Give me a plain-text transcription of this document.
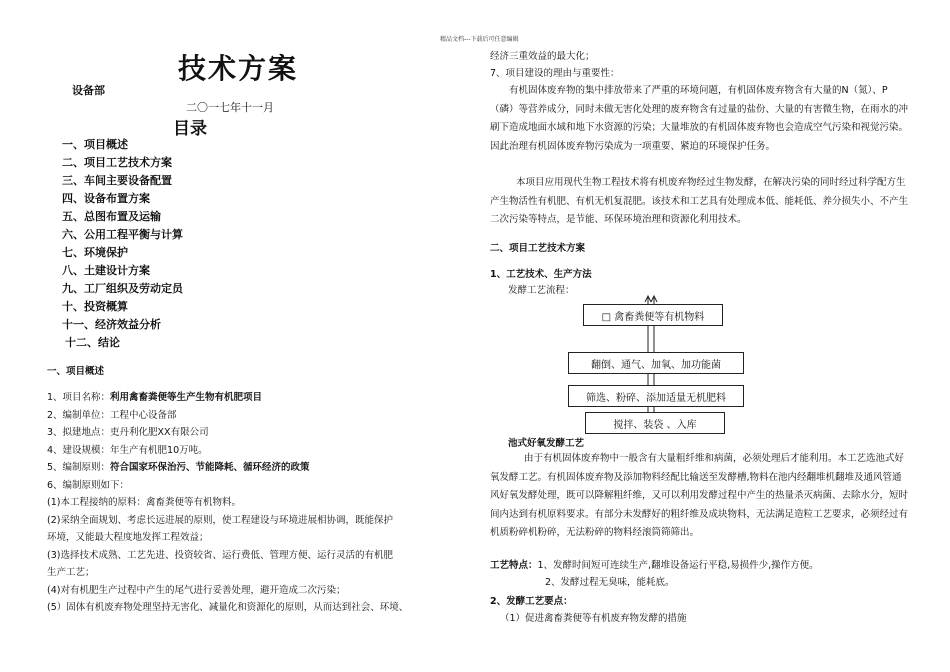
精品文档---下载后可任意编辑
技术方案
设备部
二〇一七年十一月
目录
一、项目概述
二、项目工艺技术方案
三、车间主要设备配置
四、设备布置方案
五、总图布置及运输
六、公用工程平衡与计算
七、环境保护
八、土建设计方案
九、工厂组织及劳动定员
十、投资概算
十一、经济效益分析
十二、结论
一、项目概述
1、项目名称：利用禽畜粪便等生产生物有机肥项目
2、编制单位：工程中心设备部
3、拟建地点：吏丹利化肥XX有限公司
4、建设规模：年生产有机肥10万吨。
5、编制原则：符合国家环保治污、节能降耗、循环经济的政策
6、编制原则如下：
(1)本工程接纳的原料：禽畜粪便等有机物料。
(2)采纳全面规划、考虑长远进展的原则，使工程建设与环境进展相协调，既能保护
环境，又能最大程度地发挥工程效益；
(3)选择技术成熟、工艺先进、投资较省、运行费低、管理方便、运行灵活的有机肥
生产工艺；
(4)对有机肥生产过程中产生的尾气进行妥善处理，避开造成二次污染；
(5）固体有机废弃物处理坚持无害化、减量化和资源化的原则，从而达到社会、环境、
经济三重效益的最大化；
7、项目建设的理由与重要性：
有机固体废弃物的集中排放带来了严重的环境问题，有机固体废弃物含有大量的N（氮）、P（磷）等营养成分，同时未做无害化处理的废弃物含有过量的盐份、大量的有害微生物，在雨水的冲刷下造成地面水域和地下水资源的污染；大量堆放的有机固体废弃物也会造成空气污染和视觉污染。因此治理有机固体废弃物污染成为一项重要、紧迫的环境保护任务。
本项目应用现代生物工程技术将有机废弃物经过生物发酵，在解决污染的同时经过科学配方生产生物活性有机肥、有机无机复混肥。该技术和工艺具有处理成本低、能耗低、养分损失小、不产生二次污染等特点，是节能、环保环境治理和资源化利用技术。
二、项目工艺技术方案
1、工艺技术、生产方法
发酵工艺流程：
□ 禽畜粪便等有机物料
翻倒、通气、加氧、加功能菌
筛选、粉碎、添加适量无机肥料
搅拌、装袋 、入库
池式好氧发酵工艺
由于有机固体废弃物中一般含有大量粗纤维和病菌，必须处理后才能利用。本工艺选池式好氧发酵工艺。有机固体废弃物及添加物料经配比输送至发酵槽,物料在池内经翻堆机翻堆及通风管通风好氧发酵处理，既可以降解粗纤维，又可以利用发酵过程中产生的热量杀灭病菌、去除水分，短时间内达到有机原料要求。有部分未发酵好的粗纤维及成块物料，无法满足造粒工艺要求，必须经过有机质粉碎机粉碎，无法粉碎的物料经滚筒筛筛出。
工艺特点：1、发酵时间短可连续生产,翻堆设备运行平稳,易损件少,操作方便。
2、发酵过程无臭味，能耗底。
2、发酵工艺要点：
（1）促进禽畜粪便等有机废弃物发酵的措施
